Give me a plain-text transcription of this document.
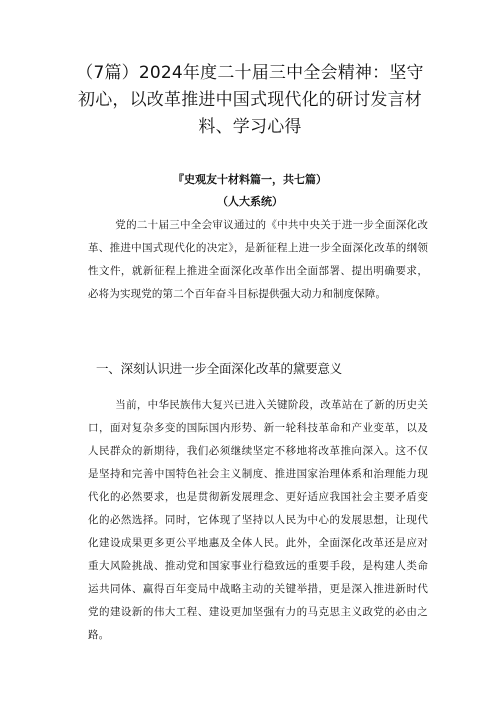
（7篇）2024年度二十届三中全会精神：坚守初心，以改革推进中国式现代化的研讨发言材料、学习心得

『史观友十材料篇一，共七篇）

（人大系统）

党的二十届三中全会审议通过的《中共中央关于进一步全面深化改革、推进中国式现代化的决定》，是新征程上进一步全面深化改革的纲领性文件，就新征程上推进全面深化改革作出全面部署、提出明确要求，必将为实现党的第二个百年奋斗目标提供强大动力和制度保障。

一、深刻认识进一步全面深化改革的黛要意义

当前，中华民族伟大复兴已进入关键阶段，改革站在了新的历史关口，面对复杂多变的国际国内形势、新一轮科技革命和产业变革，以及人民群众的新期待，我们必须继续坚定不移地将改革推向深入。这不仅是坚持和完善中国特色社会主义制度、推进国家治理体系和治理能力现代化的必然要求，也是贯彻新发展理念、更好适应我国社会主要矛盾变化的必然选择。同时，它体现了坚持以人民为中心的发展思想，让现代化建设成果更多更公平地惠及全体人民。此外，全面深化改革还是应对重大风险挑战、推动党和国家事业行稳致远的重要手段，是构建人类命运共同体、赢得百年变局中战略主动的关键举措，更是深入推进新时代党的建设新的伟大工程、建设更加坚强有力的马克思主义政党的必由之路。
